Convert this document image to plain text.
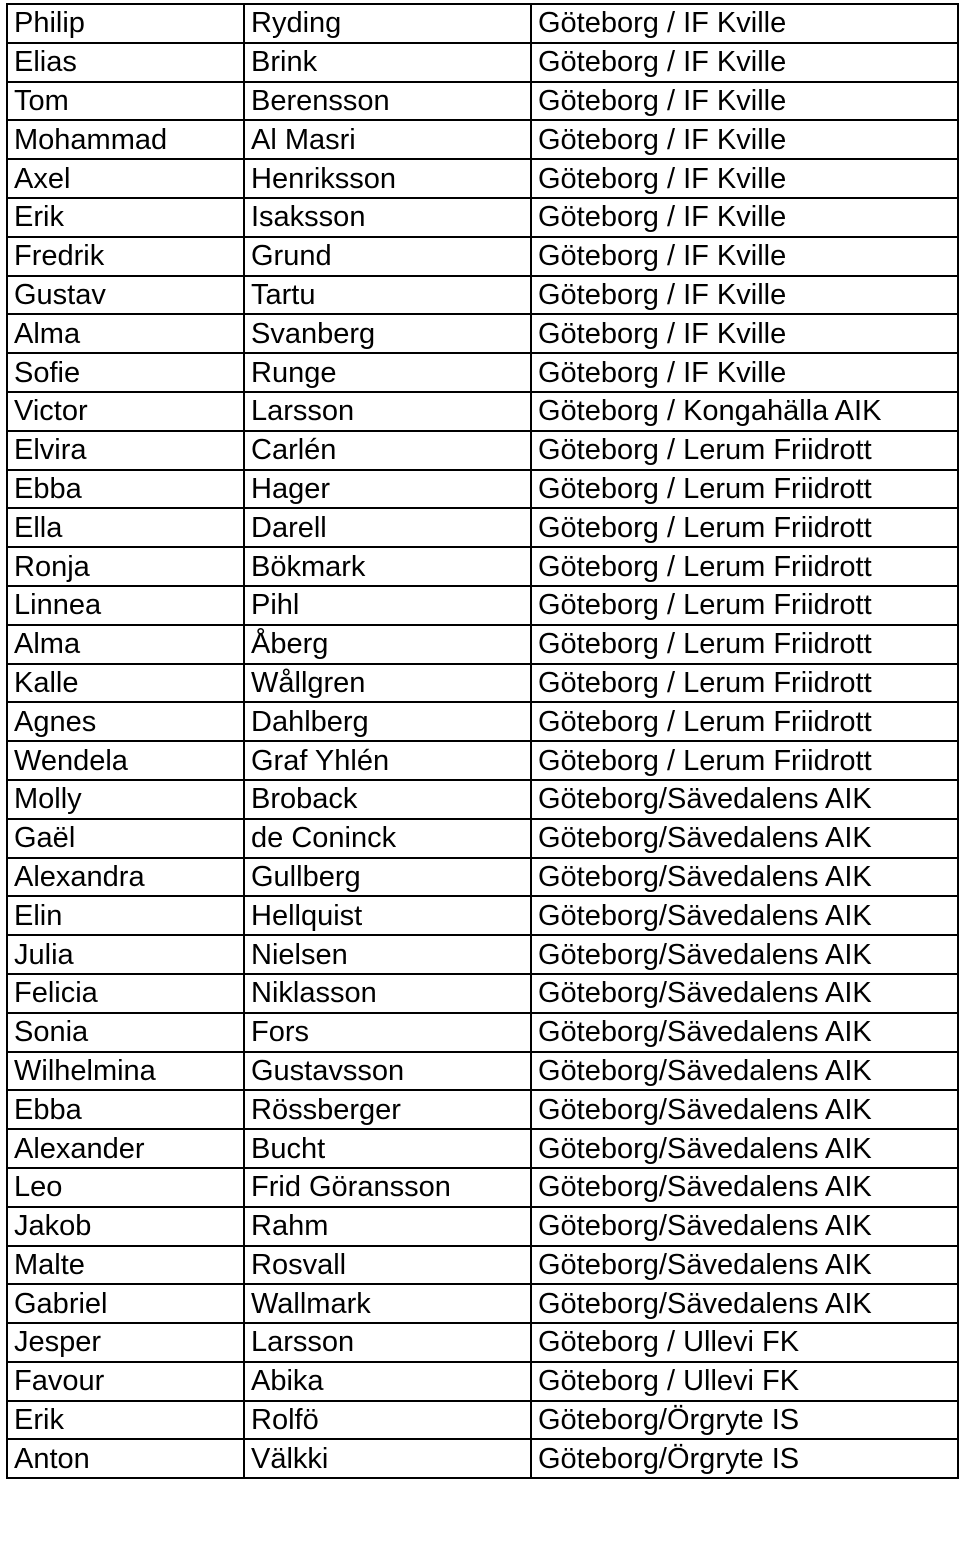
Philip	Ryding	Göteborg / IF Kville
Elias	Brink	Göteborg / IF Kville
Tom	Berensson	Göteborg / IF Kville
Mohammad	Al Masri	Göteborg / IF Kville
Axel	Henriksson	Göteborg / IF Kville
Erik	Isaksson	Göteborg / IF Kville
Fredrik	Grund	Göteborg / IF Kville
Gustav	Tartu	Göteborg / IF Kville
Alma	Svanberg	Göteborg / IF Kville
Sofie	Runge	Göteborg / IF Kville
Victor	Larsson	Göteborg / Kongahälla AIK
Elvira	Carlén	Göteborg / Lerum Friidrott
Ebba	Hager	Göteborg / Lerum Friidrott
Ella	Darell	Göteborg / Lerum Friidrott
Ronja	Bökmark	Göteborg / Lerum Friidrott
Linnea	Pihl	Göteborg / Lerum Friidrott
Alma	Åberg	Göteborg / Lerum Friidrott
Kalle	Wållgren	Göteborg / Lerum Friidrott
Agnes	Dahlberg	Göteborg / Lerum Friidrott
Wendela	Graf Yhlén	Göteborg / Lerum Friidrott
Molly	Broback	Göteborg/Sävedalens AIK
Gaël	de Coninck	Göteborg/Sävedalens AIK
Alexandra	Gullberg	Göteborg/Sävedalens AIK
Elin	Hellquist	Göteborg/Sävedalens AIK
Julia	Nielsen	Göteborg/Sävedalens AIK
Felicia	Niklasson	Göteborg/Sävedalens AIK
Sonia	Fors	Göteborg/Sävedalens AIK
Wilhelmina	Gustavsson	Göteborg/Sävedalens AIK
Ebba	Rössberger	Göteborg/Sävedalens AIK
Alexander	Bucht	Göteborg/Sävedalens AIK
Leo	Frid Göransson	Göteborg/Sävedalens AIK
Jakob	Rahm	Göteborg/Sävedalens AIK
Malte	Rosvall	Göteborg/Sävedalens AIK
Gabriel	Wallmark	Göteborg/Sävedalens AIK
Jesper	Larsson	Göteborg / Ullevi FK
Favour	Abika	Göteborg / Ullevi FK
Erik	Rolfö	Göteborg/Örgryte IS
Anton	Välkki	Göteborg/Örgryte IS
